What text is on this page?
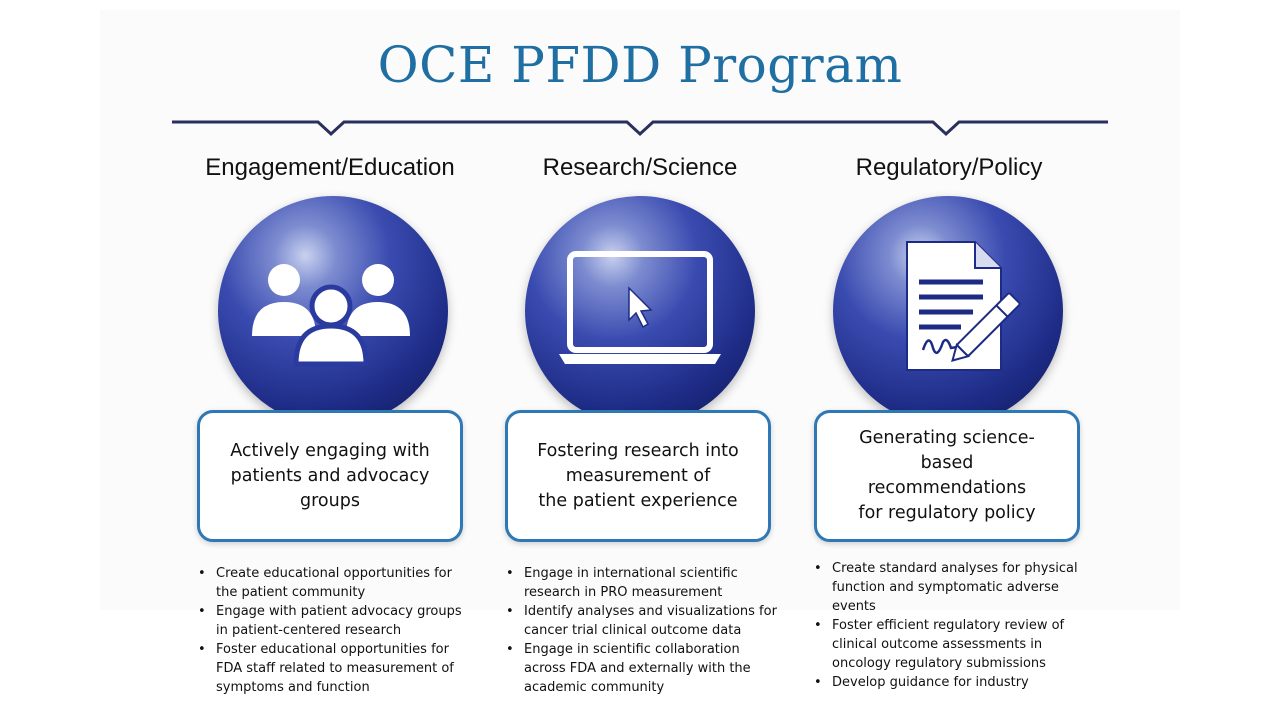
OCE PFDD Program
Engagement/Education
Actively engaging with
patients and advocacy
groups
• Create educational opportunities for the patient community
• Engage with patient advocacy groups in patient-centered research
• Foster educational opportunities for FDA staff related to measurement of symptoms and function
Research/Science
Fostering research into
measurement of
the patient experience
• Engage in international scientific research in PRO measurement
• Identify analyses and visualizations for cancer trial clinical outcome data
• Engage in scientific collaboration across FDA and externally with the academic community
Regulatory/Policy
Generating science-based
recommendations
for regulatory policy
• Create standard analyses for physical function and symptomatic adverse events
• Foster efficient regulatory review of clinical outcome assessments in oncology regulatory submissions
• Develop guidance for industry
